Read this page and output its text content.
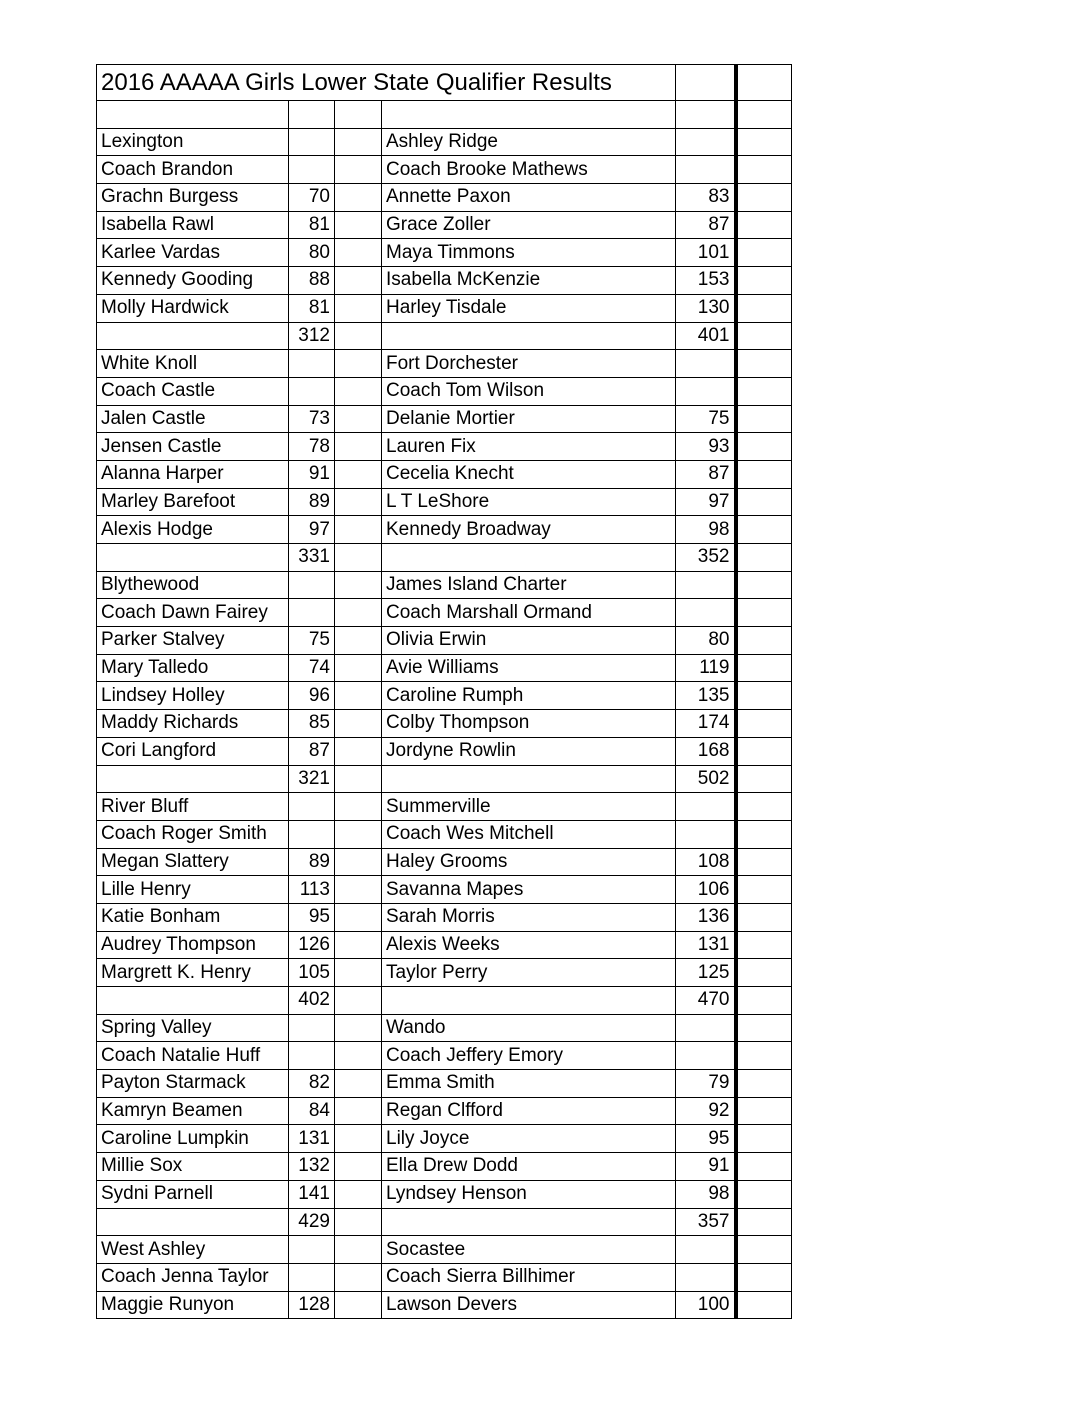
2016 AAAAA Girls Lower State Qualifier Results					

Lexington			Ashley Ridge		
Coach Brandon			Coach Brooke Mathews		
Grachn Burgess	70		Annette Paxon	83	
Isabella Rawl	81		Grace Zoller	87	
Karlee Vardas	80		Maya Timmons	101	
Kennedy Gooding	88		Isabella McKenzie	153	
Molly Hardwick	81		Harley Tisdale	130	
	312			401	
White Knoll			Fort Dorchester		
Coach Castle			Coach Tom Wilson		
Jalen Castle	73		Delanie Mortier	75	
Jensen Castle	78		Lauren Fix	93	
Alanna Harper	91		Cecelia Knecht	87	
Marley Barefoot	89		L T LeShore	97	
Alexis Hodge	97		Kennedy Broadway	98	
	331			352	
Blythewood			James Island Charter		
Coach Dawn Fairey			Coach Marshall Ormand		
Parker Stalvey	75		Olivia Erwin	80	
Mary Talledo	74		Avie Williams	119	
Lindsey Holley	96		Caroline Rumph	135	
Maddy Richards	85		Colby Thompson	174	
Cori Langford	87		Jordyne Rowlin	168	
	321			502	
River Bluff			Summerville		
Coach Roger Smith			Coach Wes Mitchell		
Megan Slattery	89		Haley Grooms	108	
Lille Henry	113		Savanna Mapes	106	
Katie Bonham	95		Sarah Morris	136	
Audrey Thompson	126		Alexis Weeks	131	
Margrett K. Henry	105		Taylor Perry	125	
	402			470	
Spring Valley			Wando		
Coach Natalie Huff			Coach Jeffery Emory		
Payton Starmack	82		Emma Smith	79	
Kamryn Beamen	84		Regan Clfford	92	
Caroline Lumpkin	131		Lily Joyce	95	
Millie Sox	132		Ella Drew Dodd	91	
Sydni Parnell	141		Lyndsey Henson	98	
	429			357	
West Ashley			Socastee		
Coach Jenna Taylor			Coach Sierra Billhimer		
Maggie Runyon	128		Lawson Devers	100	
